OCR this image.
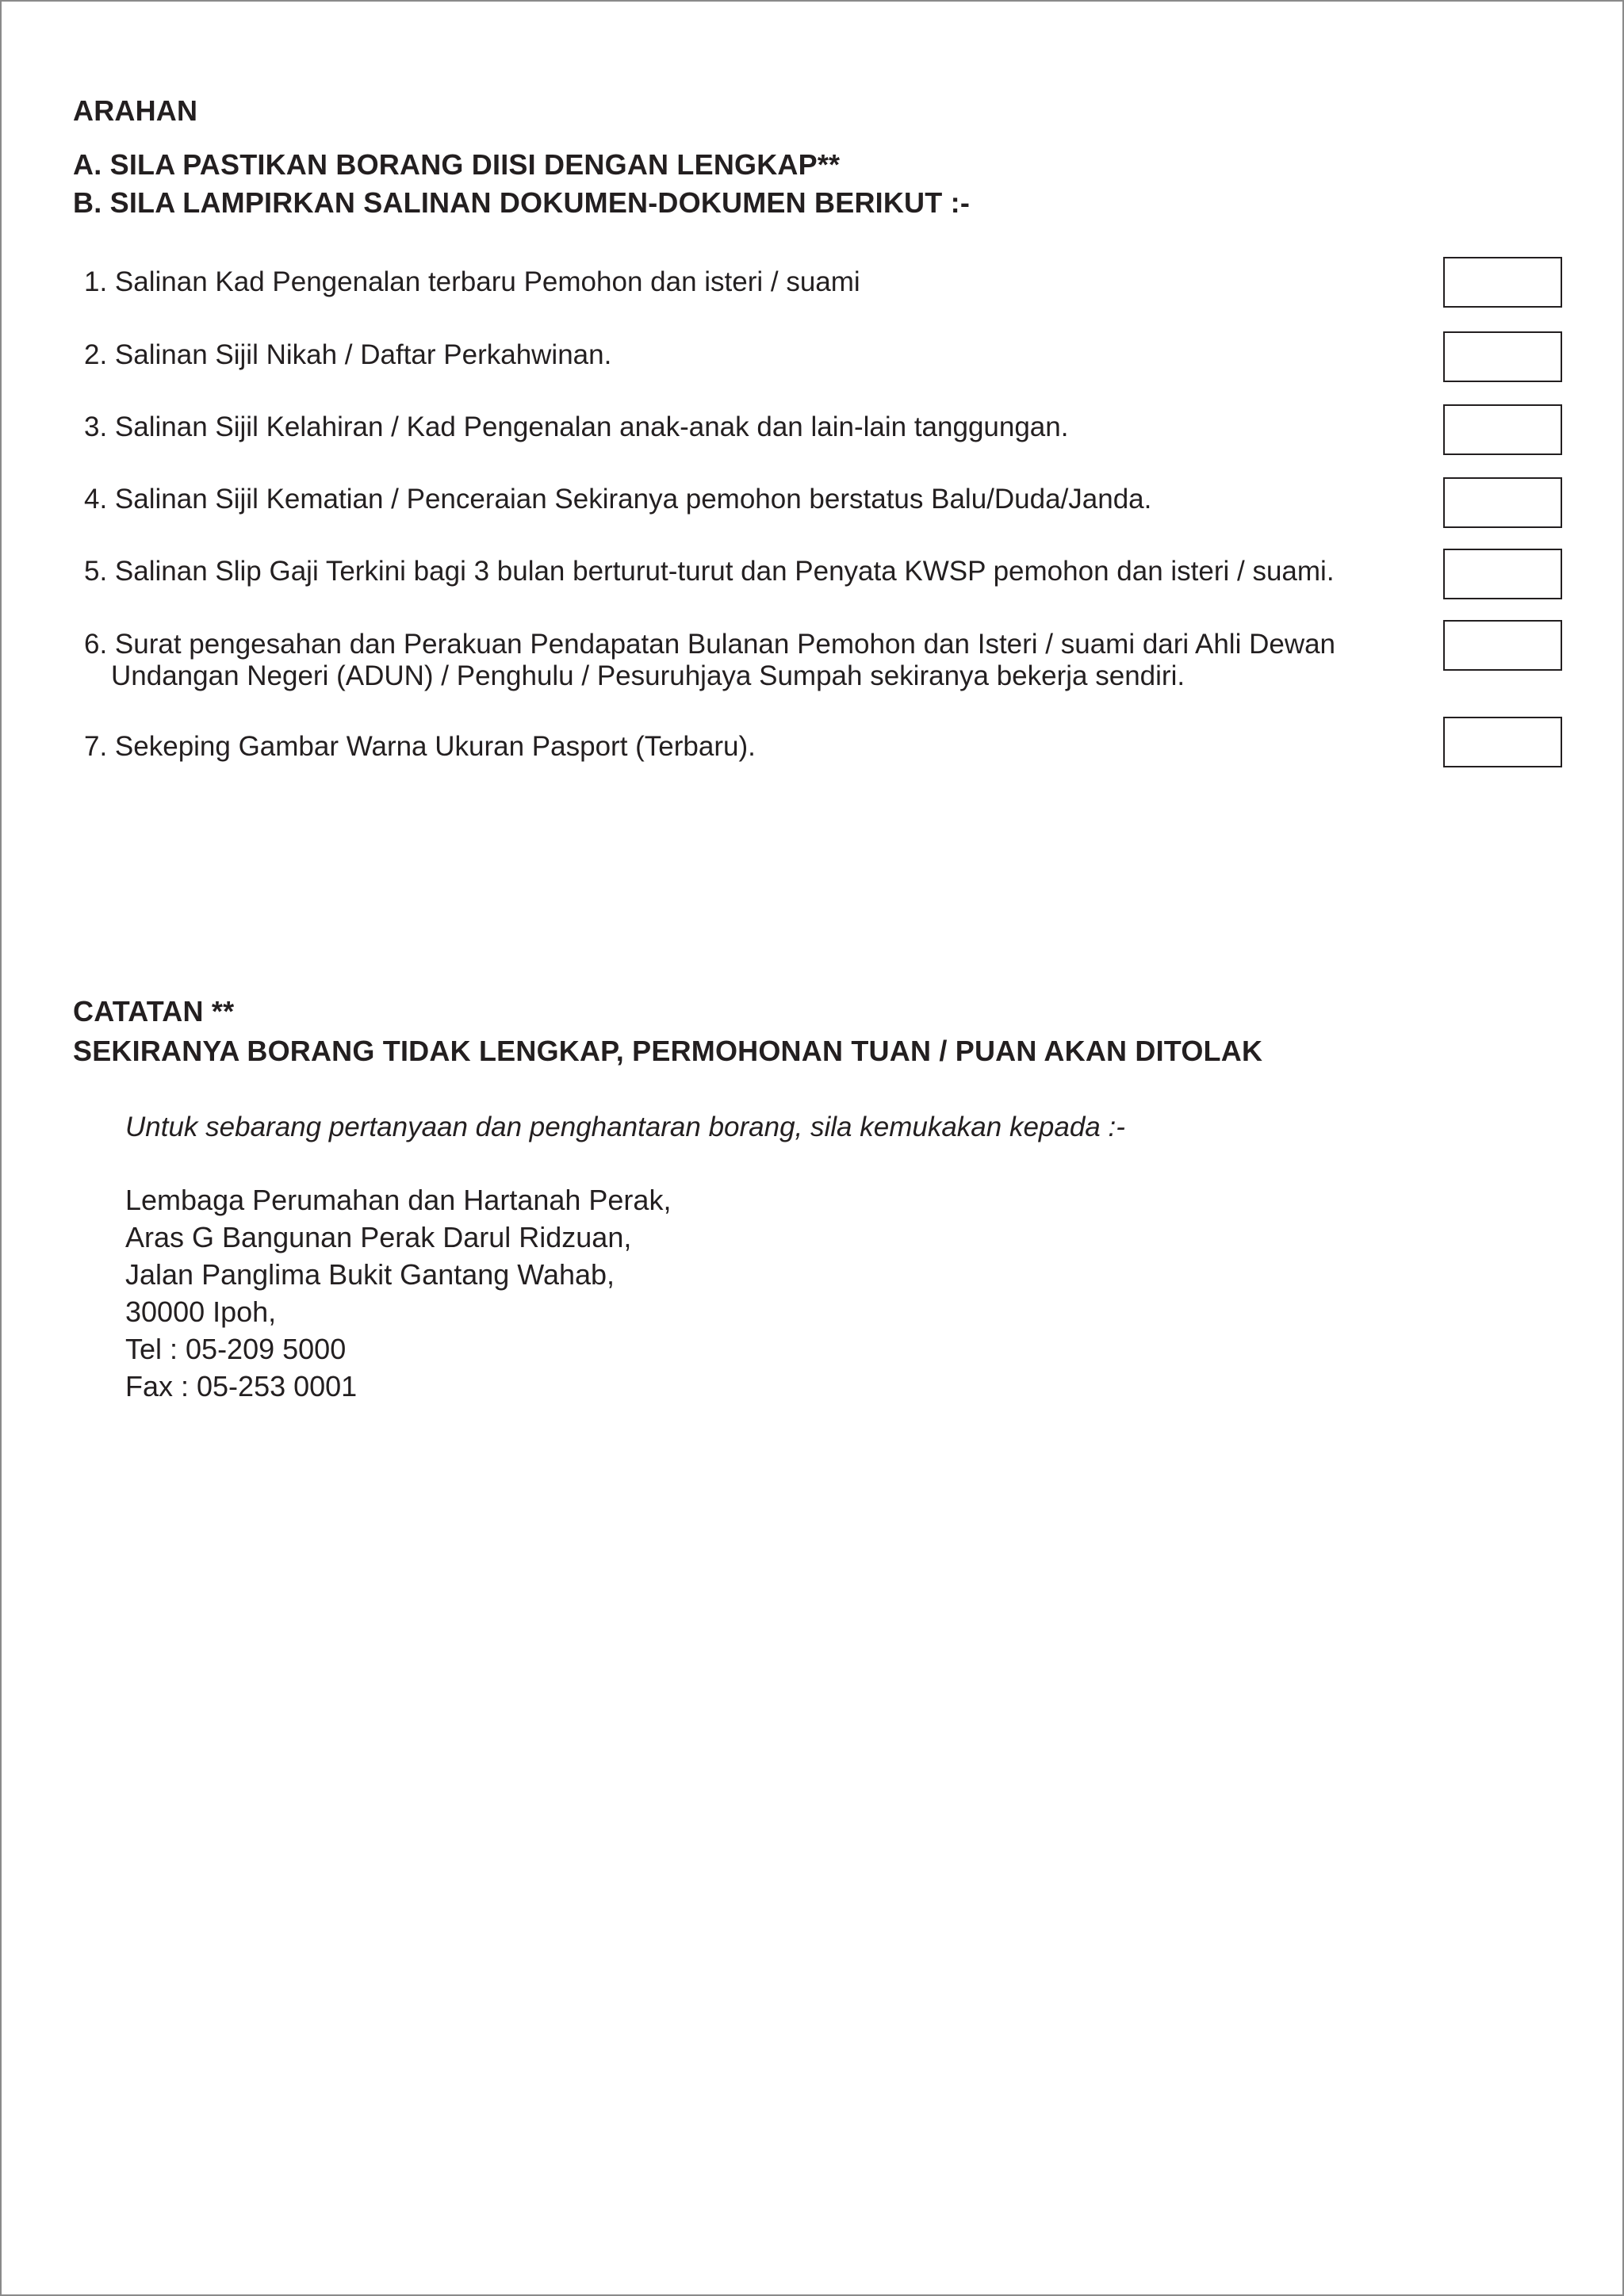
ARAHAN
A. SILA PASTIKAN BORANG DIISI DENGAN LENGKAP**
B. SILA LAMPIRKAN SALINAN DOKUMEN-DOKUMEN BERIKUT :-
1. Salinan Kad Pengenalan terbaru Pemohon dan isteri / suami
2. Salinan Sijil Nikah / Daftar Perkahwinan.
3. Salinan Sijil Kelahiran / Kad Pengenalan anak-anak dan lain-lain tanggungan.
4. Salinan Sijil Kematian / Penceraian Sekiranya pemohon berstatus Balu/Duda/Janda.
5. Salinan Slip Gaji Terkini bagi 3 bulan berturut-turut dan Penyata KWSP pemohon dan isteri / suami.
6. Surat pengesahan dan Perakuan Pendapatan Bulanan Pemohon dan Isteri / suami dari Ahli Dewan
Undangan Negeri (ADUN) / Penghulu / Pesuruhjaya Sumpah sekiranya bekerja sendiri.
7. Sekeping Gambar Warna Ukuran Pasport (Terbaru).
CATATAN **
SEKIRANYA BORANG TIDAK LENGKAP, PERMOHONAN TUAN / PUAN AKAN DITOLAK
Untuk sebarang pertanyaan dan penghantaran borang, sila kemukakan kepada :-
Lembaga Perumahan dan Hartanah Perak,
Aras G Bangunan Perak Darul Ridzuan,
Jalan Panglima Bukit Gantang Wahab,
30000 Ipoh,
Tel : 05-209 5000
Fax : 05-253 0001
